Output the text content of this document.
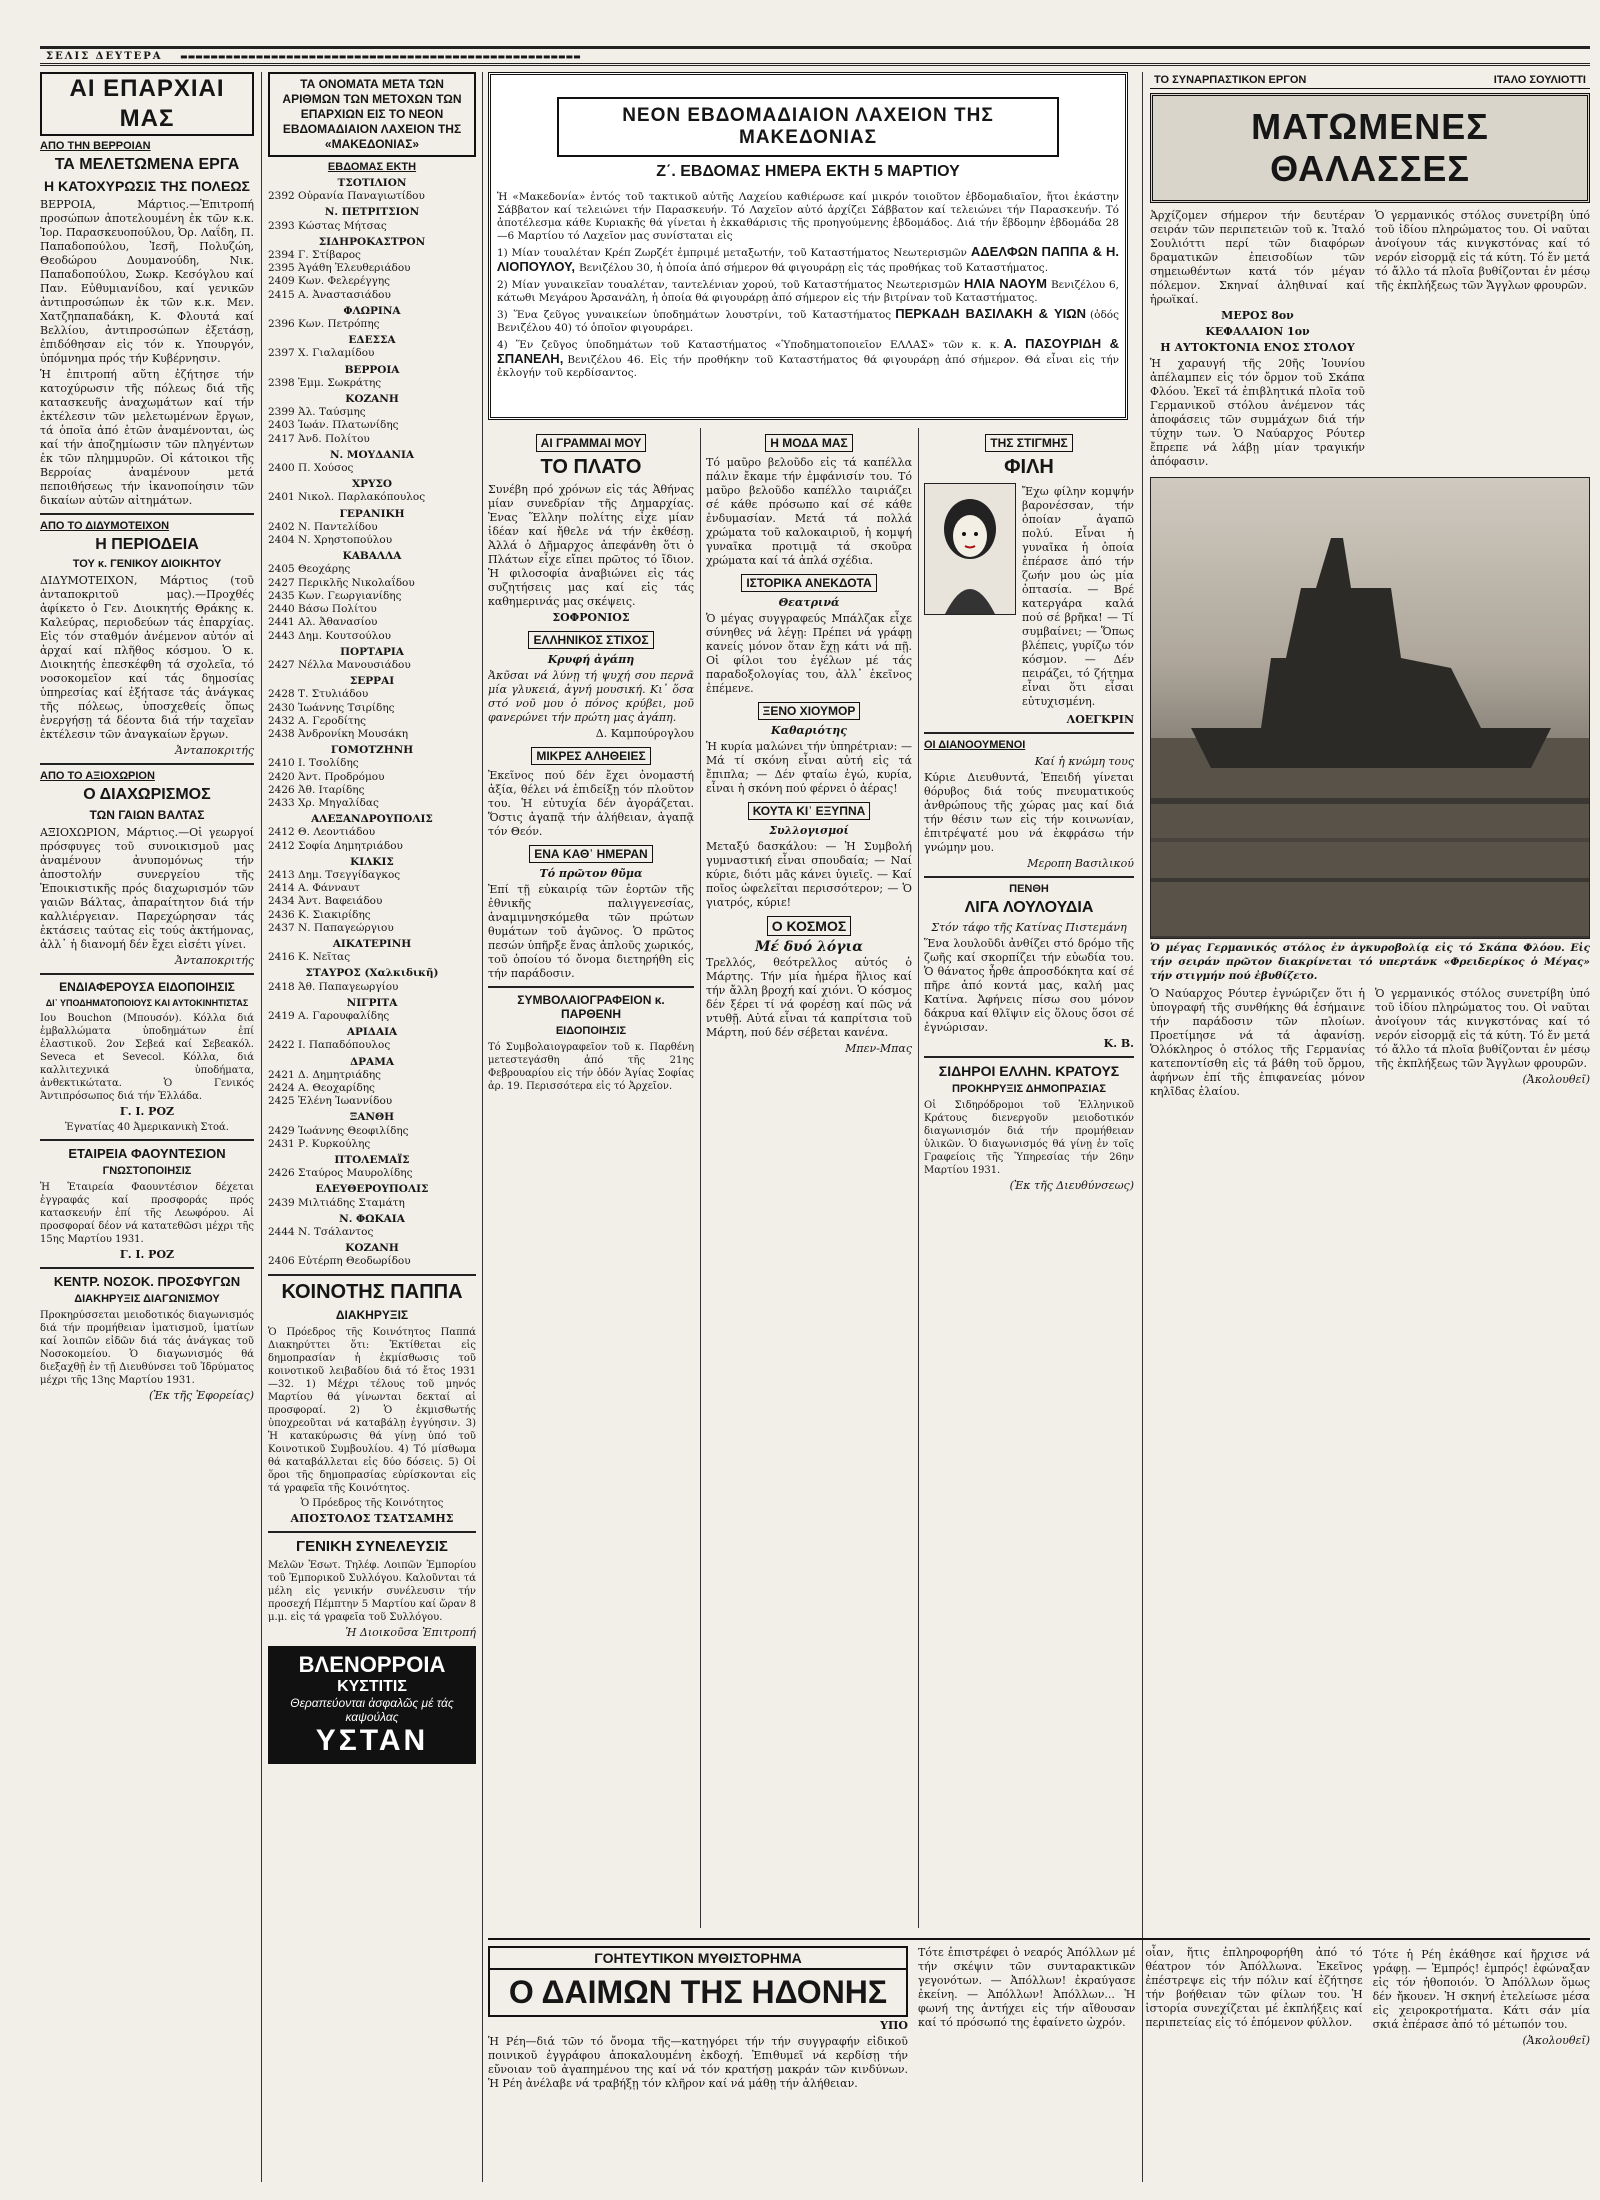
ΣΕΛΙΣ ΔΕΥΤΕΡΑ ▬▬▬▬▬▬▬▬▬▬▬▬▬▬▬▬▬▬▬▬▬▬▬▬▬▬▬▬▬▬▬▬▬▬▬▬▬▬▬▬▬▬▬▬▬▬▬▬▬▬▬▬▬
ΑΙ ΕΠΑΡΧΙΑΙ ΜΑΣ
ΑΠΟ ΤΗΝ ΒΕΡΡΟΙΑΝ
ΤΑ ΜΕΛΕΤΩΜΕΝΑ ΕΡΓΑ
Η ΚΑΤΟΧΥΡΩΣΙΣ ΤΗΣ ΠΟΛΕΩΣ

ΒΕΡΡΟΙΑ, Μάρτιος.—Ἐπιτροπή προσώπων ἀποτελουμένη ἐκ τῶν κ.κ. Ἰορ. Παρασκευοπούλου, Ὀρ. Λαΐδη, Π. Παπαδοπούλου, Ἰεσῆ, Πολυζώη, Θεοδώρου Δουμανούδη, Νικ. Παπαδοπούλου, Σωκρ. Κεσόγλου καί Παν. Εὐθυμιανίδου, καί γενικῶν ἀντιπροσώπων ἐκ τῶν κ.κ. Μεν. Χατζηπαπαδάκη, Κ. Φλουτά καί Βελλίου, ἀντιπροσώπων ἐξετάσῃ, ἐπιδόθησαν εἰς τόν κ. Υπουργόν, ὑπόμνημα πρός τήν Κυβέρνησιν.

Ἡ ἐπιτροπή αὕτη ἐζήτησε τήν κατοχύρωσιν τῆς πόλεως διά τῆς κατασκευῆς ἀναχωμάτων καί τήν ἐκτέλεσιν τῶν μελετωμένων ἔργων, τά ὁποῖα ἀπό ἐτῶν ἀναμένονται, ὡς καί τήν ἀποζημίωσιν τῶν πληγέντων ἐκ τῶν πλημμυρῶν. Οἱ κάτοικοι τῆς Βερροίας ἀναμένουν μετά πεποιθήσεως τήν ἱκανοποίησιν τῶν δικαίων αὐτῶν αἰτημάτων.

ΑΠΟ ΤΟ ΔΙΔΥΜΟΤΕΙΧΟΝ
Η ΠΕΡΙΟΔΕΙΑ
ΤΟΥ κ. ΓΕΝΙΚΟΥ ΔΙΟΙΚΗΤΟΥ

ΔΙΔΥΜΟΤΕΙΧΟΝ, Μάρτιος (τοῦ ἀνταποκριτοῦ μας).—Προχθές ἀφίκετο ὁ Γεν. Διοικητής Θράκης κ. Καλεύρας, περιοδεύων τάς ἐπαρχίας. Εἰς τόν σταθμόν ἀνέμενον αὐτόν αἱ ἀρχαί καί πλῆθος κόσμου. Ὁ κ. Διοικητής ἐπεσκέφθη τά σχολεῖα, τό νοσοκομεῖον καί τάς δημοσίας ὑπηρεσίας καί ἐξήτασε τάς ἀνάγκας τῆς πόλεως, ὑποσχεθείς ὅπως ἐνεργήσῃ τά δέοντα διά τήν ταχεῖαν ἐκτέλεσιν τῶν ἀναγκαίων ἔργων.

Ἀνταποκριτής
ΑΠΟ ΤΟ ΑΞΙΟΧΩΡΙΟΝ
Ο ΔΙΑΧΩΡΙΣΜΟΣ
ΤΩΝ ΓΑΙΩΝ ΒΑΛΤΑΣ

ΑΞΙΟΧΩΡΙΟΝ, Μάρτιος.—Οἱ γεωργοί πρόσφυγες τοῦ συνοικισμοῦ μας ἀναμένουν ἀνυπομόνως τήν ἀποστολήν συνεργείου τῆς Ἐποικιστικῆς πρός διαχωρισμόν τῶν γαιῶν Βάλτας, ἀπαραίτητον διά τήν καλλιέργειαν. Παρεχώρησαν τάς ἐκτάσεις ταύτας εἰς τούς ἀκτήμονας, ἀλλ᾽ ἡ διανομή δέν ἔχει εἰσέτι γίνει.

Ἀνταποκριτής
ΕΝΔΙΑΦΕΡΟΥΣΑ ΕΙΔΟΠΟΙΗΣΙΣ
ΔΙ᾽ ΥΠΟΔΗΜΑΤΟΠΟΙΟΥΣ ΚΑΙ ΑΥΤΟΚΙΝΗΤΙΣΤΑΣ

Ιου Bouchon (Μπουσόν). Κόλλα διά ἐμβαλλώματα ὑποδημάτων ἐπί ἐλαστικοῦ. 2ον Σεβεά καί Σεβεακόλ. Seveca et Sevecol. Κόλλα, διά καλλιτεχνικά ὑποδήματα, ἀνθεκτικώτατα. Ὁ Γενικός Ἀντιπρόσωπος διά τήν Ἑλλάδα.

Γ. Ι. ΡΟΖ
Ἐγνατίας 40 Ἀμερικανικὴ Στοά.
ΕΤΑΙΡΕΙΑ ΦΑΟΥΝΤΕΣΙΟΝ
ΓΝΩΣΤΟΠΟΙΗΣΙΣ

Ἡ Ἑταιρεία Φαουντέσιον δέχεται ἐγγραφάς καί προσφοράς πρός κατασκευήν ἐπί τῆς Λεωφόρου. Αἱ προσφοραί δέον νά κατατεθῶσι μέχρι τῆς 15ης Μαρτίου 1931.

Γ. Ι. ΡΟΖ
ΚΕΝΤΡ. ΝΟΣΟΚ. ΠΡΟΣΦΥΓΩΝ
ΔΙΑΚΗΡΥΞΙΣ ΔΙΑΓΩΝΙΣΜΟΥ

Προκηρύσσεται μειοδοτικός διαγωνισμός διά τήν προμήθειαν ἰματισμοῦ, ἱματίων καί λοιπῶν εἰδῶν διά τάς ἀνάγκας τοῦ Νοσοκομείου. Ὁ διαγωνισμός θά διεξαχθῇ ἐν τῇ Διευθύνσει τοῦ Ἱδρύματος μέχρι τῆς 13ης Μαρτίου 1931.

(Ἐκ τῆς Ἐφορείας)
ΤΑ ΟΝΟΜΑΤΑ ΜΕΤΑ ΤΩΝ ΑΡΙΘΜΩΝ ΤΩΝ ΜΕΤΟΧΩΝ ΤΩΝ ΕΠΑΡΧΙΩΝ ΕΙΣ ΤΟ ΝΕΟΝ ΕΒΔΟΜΑΔΙΑΙΟΝ ΛΑΧΕΙΟΝ ΤΗΣ «ΜΑΚΕΔΟΝΙΑΣ»
ΕΒΔΟΜΑΣ ΕΚΤΗ
ΤΣΟΤΙΛΙΟΝ
2392 Οὐρανία Παναγιωτίδου
Ν. ΠΕΤΡΙΤΣΙΟΝ
2393 Κώστας Μήτσας
ΣΙΔΗΡΟΚΑΣΤΡΟΝ
2394 Γ. Στίβαρος
2395 Ἀγάθη Ἐλευθεριάδου
2409 Κων. Φελερέγγης
2415 Α. Ἀναστασιάδου
ΦΛΩΡΙΝΑ
2396 Κων. Πετρόπης
ΕΔΕΣΣΑ
2397 Χ. Γιαλαμίδου
ΒΕΡΡΟΙΑ
2398 Ἐμμ. Σωκράτης
ΚΟΖΑΝΗ
2399 Ἀλ. Ταύσμης
2403 Ἰωάν. Πλατωνίδης
2417 Ἀνδ. Πολίτου
Ν. ΜΟΥΔΑΝΙΑ
2400 Π. Χούσος
ΧΡΥΣΟ
2401 Νικολ. Παρλακόπουλος
ΓΕΡΑΝΙΚΗ
2402 Ν. Παντελίδου
2404 Ν. Χρηστοπούλου
ΚΑΒΑΛΛΑ
2405 Θεοχάρης
2427 Περικλῆς Νικολαΐδου
2435 Κων. Γεωργιανίδης
2440 Βάσω Πολίτου
2441 Αλ. Ἀθανασίου
2443 Δημ. Κουτσούλου
ΠΟΡΤΑΡΙΑ
2427 Νέλλα Μανουσιάδου
ΣΕΡΡΑΙ
2428 Τ. Στυλιάδου
2430 Ἰωάννης Τσιρίδης
2432 Α. Γεροδίτης
2438 Ἀνδρονίκη Μουσάκη
ΓΟΜΟΤΖΗΝΗ
2410 Ι. Τσολίδης
2420 Ἀντ. Προδρόμου
2426 Ἀθ. Ιταρίδης
2433 Χρ. Μηγαλίδας
ΑΛΕΞΑΝΔΡΟΥΠΟΛΙΣ
2412 Θ. Λεοντιάδου
2412 Σοφία Δημητριάδου
ΚΙΛΚΙΣ
2413 Δημ. Τσεγγίδαγκος
2414 Α. Φάνναυτ
2434 Ἀντ. Βαφειάδου
2436 Κ. Σιακιρίδης
2437 Ν. Παπαγεώργιου
ΑΙΚΑΤΕΡΙΝΗ
2416 Κ. Νεῖτας
ΣΤΑΥΡΟΣ (Χαλκιδικῆ)
2418 Ἀθ. Παπαγεωργίου
ΝΙΓΡΙΤΑ
2419 Α. Γαρουφαλίδης
ΑΡΙΔΑΙΑ
2422 Ι. Παπαδόπουλος
ΔΡΑΜΑ
2421 Δ. Δημητριάδης
2424 Α. Θεοχαρίδης
2425 Ἐλένη Ἰωαννίδου
ΞΑΝΘΗ
2429 Ἰωάννης Θεοφιλίδης
2431 Ρ. Κυρκούλης
ΠΤΟΛΕΜΑΪΣ
2426 Σταύρος Μαυρολίδης
ΕΛΕΥΘΕΡΟΥΠΟΛΙΣ
2439 Μιλτιάδης Σταμάτη
Ν. ΦΩΚΑΙΑ
2444 Ν. Τσάλαντος
ΚΟΖΑΝΗ
2406 Εὐτέρπη Θεοδωρίδου
ΚΟΙΝΟΤΗΣ ΠΑΠΠΑ
ΔΙΑΚΗΡΥΞΙΣ

Ὁ Πρόεδρος τῆς Κοινότητος Παππά Διακηρύττει ὅτι: Ἐκτίθεται εἰς δημοπρασίαν ἡ ἐκμίσθωσις τοῦ κοινοτικοῦ λειβαδίου διά τό ἔτος 1931—32. 1) Μέχρι τέλους τοῦ μηνός Μαρτίου θά γίνωνται δεκταί αἱ προσφοραί. 2) Ὁ ἐκμισθωτής ὑποχρεοῦται νά καταβάλῃ ἐγγύησιν. 3) Ἡ κατακύρωσις θά γίνῃ ὑπό τοῦ Κοινοτικοῦ Συμβουλίου. 4) Τό μίσθωμα θά καταβάλλεται εἰς δύο δόσεις. 5) Οἱ ὅροι τῆς δημοπρασίας εὑρίσκονται εἰς τά γραφεῖα τῆς Κοινότητος.

Ὁ Πρόεδρος τῆς Κοινότητος
ΑΠΟΣΤΟΛΟΣ ΤΣΑΤΣΑΜΗΣ
ΓΕΝΙΚΗ ΣΥΝΕΛΕΥΣΙΣ

Μελῶν Ἐσωτ. Τηλέφ. Λοιπῶν Ἐμπορίου τοῦ Ἐμπορικοῦ Συλλόγου. Καλοῦνται τά μέλη εἰς γενικήν συνέλευσιν τήν προσεχή Πέμπτην 5 Μαρτίου καί ὥραν 8 μ.μ. εἰς τά γραφεῖα τοῦ Συλλόγου.

Ἡ Διοικοῦσα Ἐπιτροπή
ΒΛΕΝΟΡΡΟΙΑ
ΚΥΣΤΙΤΙΣ
Θεραπεύονται ἀσφαλῶς μέ τάς καψούλας
ΥΣΤΑΝ
ΝΕΟΝ ΕΒΔΟΜΑΔΙΑΙΟΝ ΛΑΧΕΙΟΝ ΤΗΣ ΜΑΚΕΔΟΝΙΑΣ
Ζ΄. ΕΒΔΟΜΑΣ ΗΜΕΡΑ ΕΚΤΗ 5 ΜΑΡΤΙΟΥ

Ἡ «Μακεδονία» ἐντός τοῦ τακτικοῦ αὐτῆς Λαχείου καθιέρωσε καί μικρόν τοιοῦτον ἑβδομαδιαῖον, ἤτοι ἑκάστην Σάββατον καί τελειώνει τήν Παρασκευήν. Τό Λαχεῖον αὐτό ἀρχίζει Σάββατον καί τελειώνει τήν Παρασκευήν. Τό ἀποτέλεσμα κάθε Κυριακῆς θά γίνεται ἡ ἐκκαθάρισις τῆς προηγούμενης ἑβδομάδος. Διά τήν ἕβδομην ἑβδομάδα 28—6 Μαρτίου τό Λαχεῖον μας συνίσταται εἰς

1) Μίαν τουαλέταν Κρέπ Ζωρζέτ ἐμπριμέ μεταξωτήν, τοῦ Καταστήματος Νεωτερισμῶν ΑΔΕΛΦΩΝ ΠΑΠΠΑ & Η. ΛΙΟΠΟΥΛΟΥ, Βενιζέλου 30, ἡ ὁποία ἀπό σήμερον θά φιγουράρῃ εἰς τάς προθήκας τοῦ Καταστήματος.

2) Μίαν γυναικεῖαν τουαλέταν, ταντελένιαν χορού, τοῦ Καταστήματος Νεωτερισμῶν ΗΛΙΑ ΝΑΟΥΜ Βενιζέλου 6, κάτωθι Μεγάρου Ἀρσανάλη, ἡ ὁποία θά φιγουράρῃ ἀπό σήμερον εἰς τήν βιτρίναν τοῦ Καταστήματος.

3) Ἕνα ζεῦγος γυναικείων ὑποδημάτων λουστρίνι, τοῦ Καταστήματος ΠΕΡΚΑΔΗ ΒΑΣΙΛΑΚΗ & ΥΙΩΝ (ὁδός Βενιζέλου 40) τό ὁποῖον φιγουράρει.

4) Ἕν ζεῦγος ὑποδημάτων τοῦ Καταστήματος «Ὑποδηματοποιεῖον ΕΛΛΑΣ» τῶν κ. κ. Α. ΠΑΣΟΥΡΙΔΗ & ΣΠΑΝΕΛΗ, Βενιζέλου 46. Εἰς τήν προθήκην τοῦ Καταστήματος θά φιγουράρῃ ἀπό σήμερον. Θά εἶναι εἰς τήν ἐκλογήν τοῦ κερδίσαντος.

ΑΙ ΓΡΑΜΜΑΙ ΜΟΥ
ΤΟ ΠΛΑΤΟ

Συνέβη πρό χρόνων εἰς τάς Ἀθήνας μίαν συνεδρίαν τῆς Δημαρχίας. Ἐνας Ἕλλην πολίτης εἶχε μίαν ἰδέαν καί ἤθελε νά τήν ἐκθέσῃ. Ἀλλά ὁ Δῆμαρχος ἀπεφάνθη ὅτι ὁ Πλάτων εἶχε εἴπει πρῶτος τό ἴδιον. Ἡ φιλοσοφία ἀναβιώνει εἰς τάς συζητήσεις μας καί εἰς τάς καθημερινάς μας σκέψεις.

ΣΟΦΡΟΝΙΟΣ
ΕΛΛΗΝΙΚΟΣ ΣΤΙΧΟΣ
Κρυφή ἀγάπη

Ἀκῦσαι νά λύνῃ τή ψυχή σου περνᾶ μία γλυκειά, ἁγνή μουσική. Κι᾽ ὅσα στό νοῦ μου ὁ πόνος κρύβει, μοῦ φανερώνει τήν πρώτη μας ἀγάπη.

Δ. Καμπούρογλου
ΜΙΚΡΕΣ ΑΛΗΘΕΙΕΣ

Ἐκεῖνος πού δέν ἔχει ὀνομαστή ἀξία, θέλει νά ἐπιδείξῃ τόν πλοῦτον του. Ἡ εὐτυχία δέν ἀγοράζεται. Ὅστις ἀγαπᾷ τήν ἀλήθειαν, ἀγαπᾷ τόν Θεόν.

ΕΝΑ ΚΑΘ᾽ ΗΜΕΡΑΝ
Τό πρῶτον θῦμα

Ἐπί τῇ εὐκαιρίᾳ τῶν ἑορτῶν τῆς ἐθνικῆς παλιγγενεσίας, ἀναμιμνησκόμεθα τῶν πρώτων θυμάτων τοῦ ἀγῶνος. Ὁ πρῶτος πεσών ὑπῆρξε ἕνας ἀπλοῦς χωρικός, τοῦ ὁποίου τό ὄνομα διετηρήθη εἰς τήν παράδοσιν.

ΣΥΜΒΟΛΑΙΟΓΡΑΦΕΙΟΝ κ. ΠΑΡΘΕΝΗ
ΕΙΔΟΠΟΙΗΣΙΣ

Τό Συμβολαιογραφεῖον τοῦ κ. Παρθένη μετεστεγάσθη ἀπό τῆς 21ης Φεβρουαρίου εἰς τήν ὁδόν Ἁγίας Σοφίας ἀρ. 19. Περισσότερα εἰς τό Ἀρχεῖον.

Η ΜΟΔΑ ΜΑΣ

Τό μαῦρο βελοῦδο εἰς τά καπέλλα πάλιν ἔκαμε τήν ἐμφάνισίν του. Τό μαῦρο βελοῦδο καπέλλο ταιριάζει σέ κάθε πρόσωπο καί σέ κάθε ἐνδυμασίαν. Μετά τά πολλά χρώματα τοῦ καλοκαιριοῦ, ἡ κομψή γυναῖκα προτιμᾷ τά σκοῦρα χρώματα καί τά ἁπλά σχέδια.

ΙΣΤΟΡΙΚΑ ΑΝΕΚΔΟΤΑ
Θεατρινά

Ὁ μέγας συγγραφεύς Μπάλζακ εἶχε σύνηθες νά λέγῃ: Πρέπει νά γράφῃ κανείς μόνον ὅταν ἔχῃ κάτι νά πῇ. Οἱ φίλοι του ἐγέλων μέ τάς παραδοξολογίας του, ἀλλ᾽ ἐκεῖνος ἐπέμενε.

ΞΕΝΟ ΧΙΟΥΜΟΡ
Καθαριότης

Ἡ κυρία μαλώνει τήν ὑπηρέτριαν: — Μά τί σκόνη εἶναι αὐτή εἰς τά ἔπιπλα; — Δέν φταίω ἐγώ, κυρία, εἶναι ἡ σκόνη πού φέρνει ὁ ἀέρας!

ΚΟΥΤΑ ΚΙ᾽ ΕΞΥΠΝΑ
Συλλογισμοί

Μεταξύ δασκάλου: — Ἡ Συμβολή γυμναστική εἶναι σπουδαία; — Ναί κύριε, διότι μᾶς κάνει ὑγιεῖς. — Καί ποῖος ὠφελεῖται περισσότερον; — Ὁ γιατρός, κύριε!

Ο ΚΟΣΜΟΣ
Μέ δυό λόγια

Τρελλός, θεότρελλος αὐτός ὁ Μάρτης. Τήν μία ἡμέρα ἥλιος καί τήν ἄλλη βροχή καί χιόνι. Ὁ κόσμος δέν ξέρει τί νά φορέσῃ καί πῶς νά ντυθῇ. Αὐτά εἶναι τά καπρίτσια τοῦ Μάρτη, πού δέν σέβεται κανένα.

Μπεν-Μπας
ΤΗΣ ΣΤΙΓΜΗΣ
ΦΙΛΗ

Ἔχω φίλην κομψήν βαρονέσσαν, τήν ὁποίαν ἀγαπῶ πολύ. Εἶναι ἡ γυναῖκα ἡ ὁποία ἐπέρασε ἀπό τήν ζωήν μου ὡς μία ὀπτασία. — Βρέ κατεργάρα καλά πού σέ βρῆκα! — Τί συμβαίνει; — Ὅπως βλέπεις, γυρίζω τόν κόσμον. — Δέν πειράζει, τό ζήτημα εἶναι ὅτι εἶσαι εὐτυχισμένη.

ΛΟΕΓΚΡΙΝ
ΟΙ ΔΙΑΝΟΟΥΜΕΝΟΙ
Καί ἡ κνώμη τους

Κύριε Διευθυντά, Ἐπειδή γίνεται θόρυβος διά τούς πνευματικούς ἀνθρώπους τῆς χώρας μας καί διά τήν θέσιν των εἰς τήν κοινωνίαν, ἐπιτρέψατέ μου νά ἐκφράσω τήν γνώμην μου.

Μεροπη Βασιλικού
ΠΕΝΘΗ
ΛΙΓΑ ΛΟΥΛΟΥΔΙΑ
Στόν τάφο τῆς Κατίνας Πιστεμάνη

Ἕνα λουλοῦδι ἀνθίζει στό δρόμο τῆς ζωῆς καί σκορπίζει τήν εὐωδία του. Ὁ θάνατος ἦρθε ἀπροσδόκητα καί σέ πῆρε ἀπό κοντά μας, καλή μας Κατίνα. Ἀφήνεις πίσω σου μόνον δάκρυα καί θλῖψιν εἰς ὅλους ὅσοι σέ ἐγνώρισαν.

Κ. Β.
ΣΙΔΗΡΟΙ ΕΛΛΗΝ. ΚΡΑΤΟΥΣ
ΠΡΟΚΗΡΥΞΙΣ ΔΗΜΟΠΡΑΣΙΑΣ

Οἱ Σιδηρόδρομοι τοῦ Ἑλληνικοῦ Κράτους διενεργοῦν μειοδοτικόν διαγωνισμόν διά τήν προμήθειαν ὑλικῶν. Ὁ διαγωνισμός θά γίνῃ ἐν τοῖς Γραφείοις τῆς Ὑπηρεσίας τήν 26ην Μαρτίου 1931.

(Ἐκ τῆς Διευθύνσεως)
ΤΟ ΣΥΝΑΡΠΑΣΤΙΚΟΝ ΕΡΓΟΝ	ΙΤΑΛΟ ΣΟΥΛΙΟΤΤΙ
ΜΑΤΩΜΕΝΕΣ ΘΑΛΑΣΣΕΣ

Ἀρχίζομεν σήμερον τήν δευτέραν σειράν τῶν περιπετειῶν τοῦ κ. Ἰταλό Σουλιόττι περί τῶν διαφόρων δραματικῶν ἐπεισοδίων τῶν σημειωθέντων κατά τόν μέγαν πόλεμον. Σκηναί ἀληθιναί καί ἡρωϊκαί.

ΜΕΡΟΣ 8ον
ΚΕΦΑΛΑΙΟΝ 1ον
Η ΑΥΤΟΚΤΟΝΙΑ ΕΝΟΣ ΣΤΟΛΟΥ

Ἡ χαραυγή τῆς 20ῆς Ἰουνίου ἀπέλαμπεν εἰς τόν ὄρμον τοῦ Σκάπα Φλόου. Ἐκεῖ τά ἐπιβλητικά πλοῖα τοῦ Γερμανικοῦ στόλου ἀνέμενον τάς ἀποφάσεις τῶν συμμάχων διά τήν τύχην των. Ὁ Ναύαρχος Ρόυτερ ἔπρεπε νά λάβῃ μίαν τραγικήν ἀπόφασιν.

Ὁ γερμανικός στόλος συνετρίβη ὑπό τοῦ ἰδίου πληρώματος του. Οἱ ναῦται ἀνοίγουν τάς κινγκστόνας καί τό νερόν εἰσορμᾷ εἰς τά κύτη. Τό ἔν μετά τό ἄλλο τά πλοῖα βυθίζονται ἐν μέσῳ τῆς ἐκπλήξεως τῶν Ἄγγλων φρουρῶν.

Ὁ μέγας Γερμανικός στόλος ἐν ἀγκυροβολίᾳ εἰς τό Σκάπα Φλόου. Εἰς τήν σειράν πρῶτον διακρίνεται τό υπερτάνκ «Φρειδερίκος ὁ Μέγας» τήν στιγμήν πού ἐβυθίζετο.

Ὁ Ναύαρχος Ρόυτερ ἐγνώριζεν ὅτι ἡ ὑπογραφή τῆς συνθήκης θά ἐσήμαινε τήν παράδοσιν τῶν πλοίων. Προετίμησε νά τά ἀφανίσῃ. Ὁλόκληρος ὁ στόλος τῆς Γερμανίας κατεποντίσθη εἰς τά βάθη τοῦ ὄρμου, ἀφήνων ἐπί τῆς ἐπιφανείας μόνον κηλῖδας ἐλαίου.

Ὁ γερμανικός στόλος συνετρίβη ὑπό τοῦ ἰδίου πληρώματος του. Οἱ ναῦται ἀνοίγουν τάς κινγκστόνας καί τό νερόν εἰσορμᾷ εἰς τά κύτη. Τό ἔν μετά τό ἄλλο τά πλοῖα βυθίζονται ἐν μέσῳ τῆς ἐκπλήξεως τῶν Ἄγγλων φρουρῶν.

(Ἀκολουθεῖ)
ΓΟΗΤΕΥΤΙΚΟΝ ΜΥΘΙΣΤΟΡΗΜΑ
Ο ΔΑΙΜΩΝ ΤΗΣ ΗΔΟΝΗΣ
ΥΠΟ

Ἡ Ρέη—διά τῶν τό ὄνομα τῆς—κατηγόρει τήν τήν συγγραφήν εἰδικοῦ ποινικοῦ ἐγγράφου ἀποκαλουμένη ἐκδοχή. Ἐπιθυμεῖ νά κερδίσῃ τήν εὔνοιαν τοῦ ἀγαπημένου της καί νά τόν κρατήσῃ μακράν τῶν κινδύνων. Ἡ Ρέη ἀνέλαβε νά τραβήξῃ τόν κλῆρον καί νά μάθῃ τήν ἀλήθειαν.

Τότε ἐπιστρέφει ὁ νεαρός Ἀπόλλων μέ τήν σκέψιν τῶν συνταρακτικῶν γεγονότων. — Ἀπόλλων! ἐκραύγασε ἐκείνη. — Ἀπόλλων! Ἀπόλλων... Ἡ φωνή της ἀντήχει εἰς τήν αἴθουσαν καί τό πρόσωπό της ἐφαίνετο ὠχρόν.

οἷαν, ἥτις ἐπληροφορήθη ἀπό τό θέατρον τόν Ἀπόλλωνα. Ἐκεῖνος ἐπέστρεψε εἰς τήν πόλιν καί ἐζήτησε τήν βοήθειαν τῶν φίλων του. Ἡ ἱστορία συνεχίζεται μέ ἐκπλήξεις καί περιπετείας εἰς τό ἑπόμενον φύλλον.

Τότε ἡ Ρέη ἐκάθησε καί ἤρχισε νά γράφῃ. — Ἐμπρός! ἐμπρός! ἐφώναξαν εἰς τόν ἠθοποιόν. Ὁ Ἀπόλλων ὅμως δέν ἤκουεν. Ἡ σκηνή ἐτελείωσε μέσα εἰς χειροκροτήματα. Κάτι σάν μία σκιά ἐπέρασε ἀπό τό μέτωπόν του.

(Ἀκολουθεῖ)
